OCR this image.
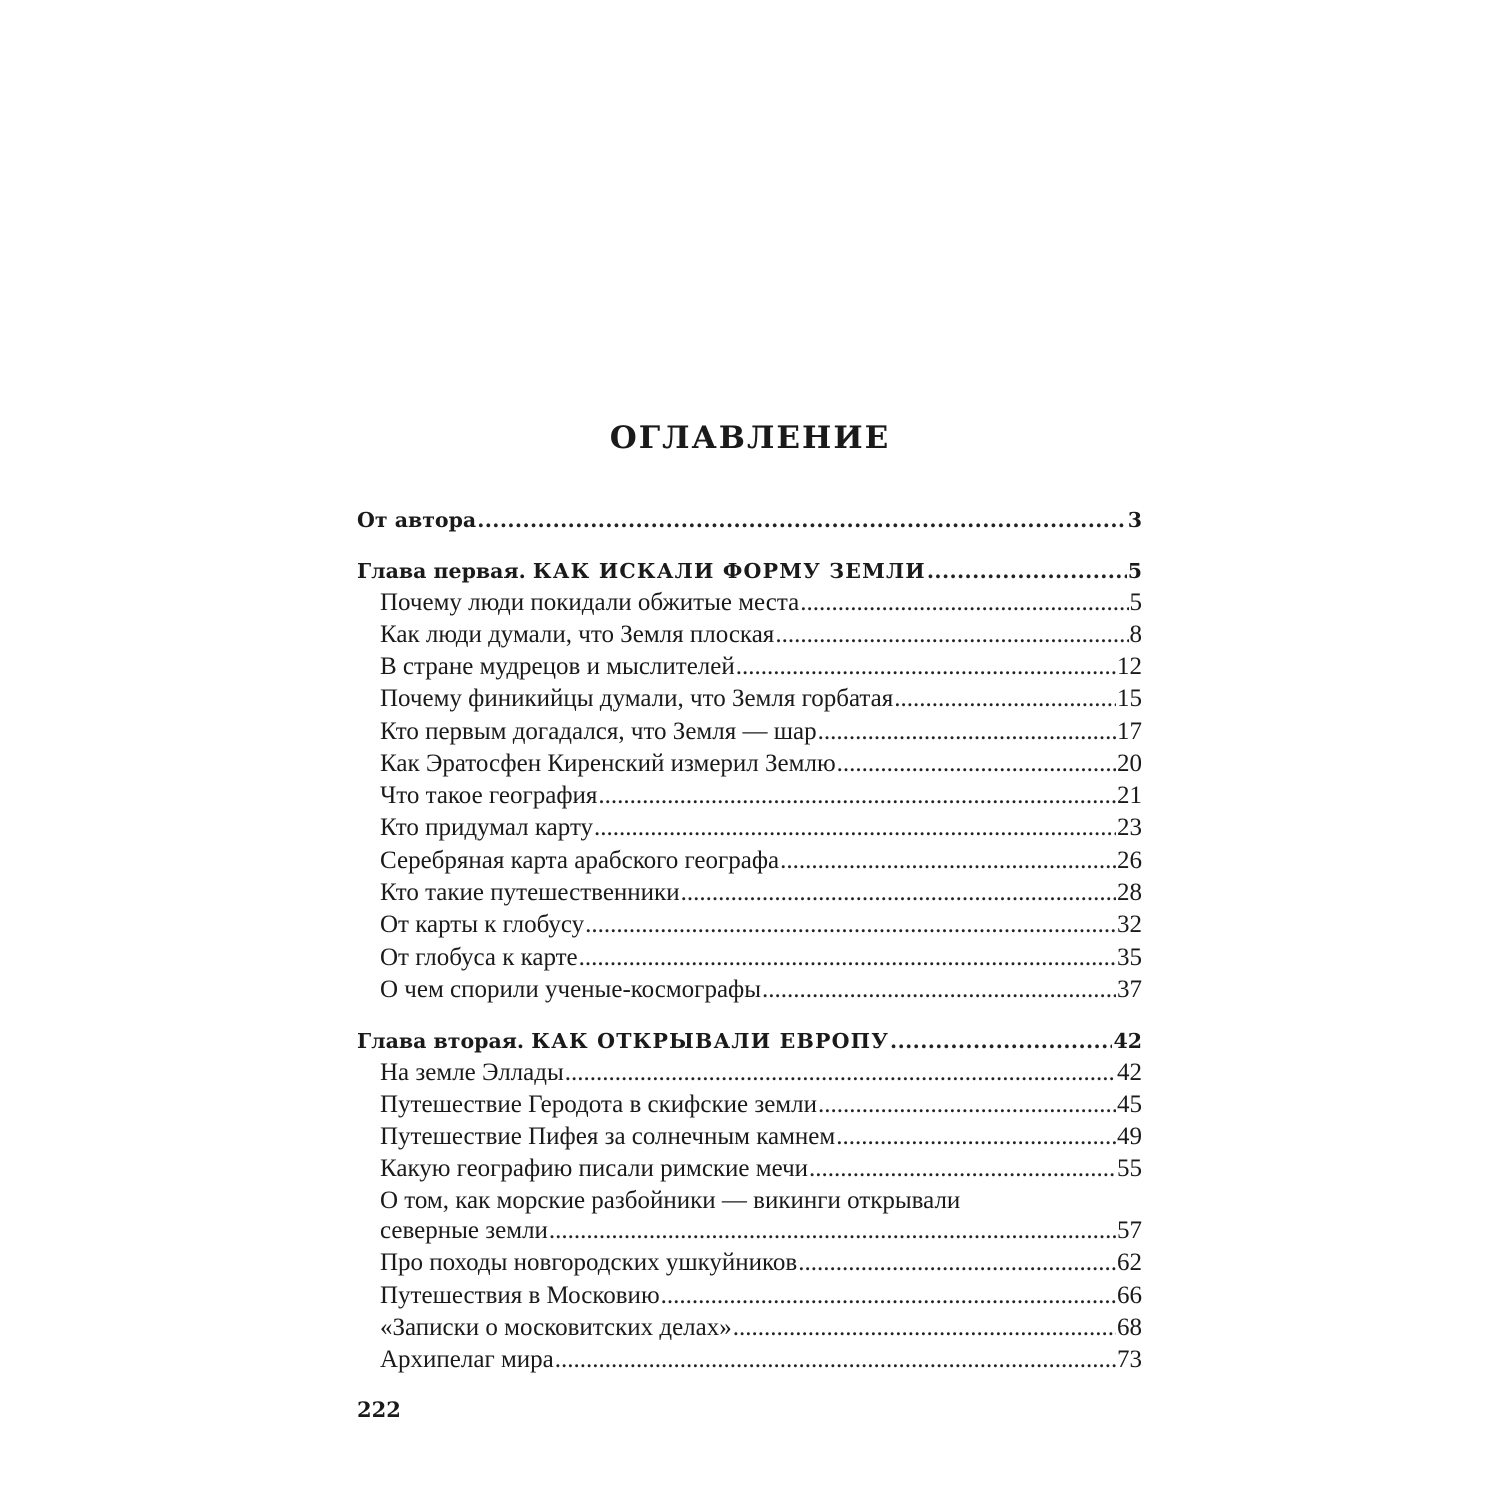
ОГЛАВЛЕНИЕ
От автора .....	3
Глава первая.
КАК ИСКАЛИ ФОРМУ ЗЕМЛИ .....	5
Почему люди покидали обжитые места .....	5
Как люди думали, что Земля плоская .....	8
В стране мудрецов и мыслителей .....	12
Почему финикийцы думали, что Земля горбатая .....	15
Кто первым догадался, что Земля — шар .....	17
Как Эратосфен Киренский измерил Землю .....	20
Что такое география .....	21
Кто придумал карту .....	23
Серебряная карта арабского географа .....	26
Кто такие путешественники .....	28
От карты к глобусу .....	32
От глобуса к карте .....	35
О чем спорили ученые-космографы .....	37
Глава вторая.
КАК ОТКРЫВАЛИ ЕВРОПУ .....	42
На земле Эллады .....	42
Путешествие Геродота в скифские земли .....	45
Путешествие Пифея за солнечным камнем .....	49
Какую географию писали римские мечи .....	55
О том, как морские разбойники — викинги открывали
северные земли .....	57
Про походы новгородских ушкуйников .....	62
Путешествия в Московию .....	66
«Записки о московитских делах» .....	68
Архипелаг мира .....	73
222
